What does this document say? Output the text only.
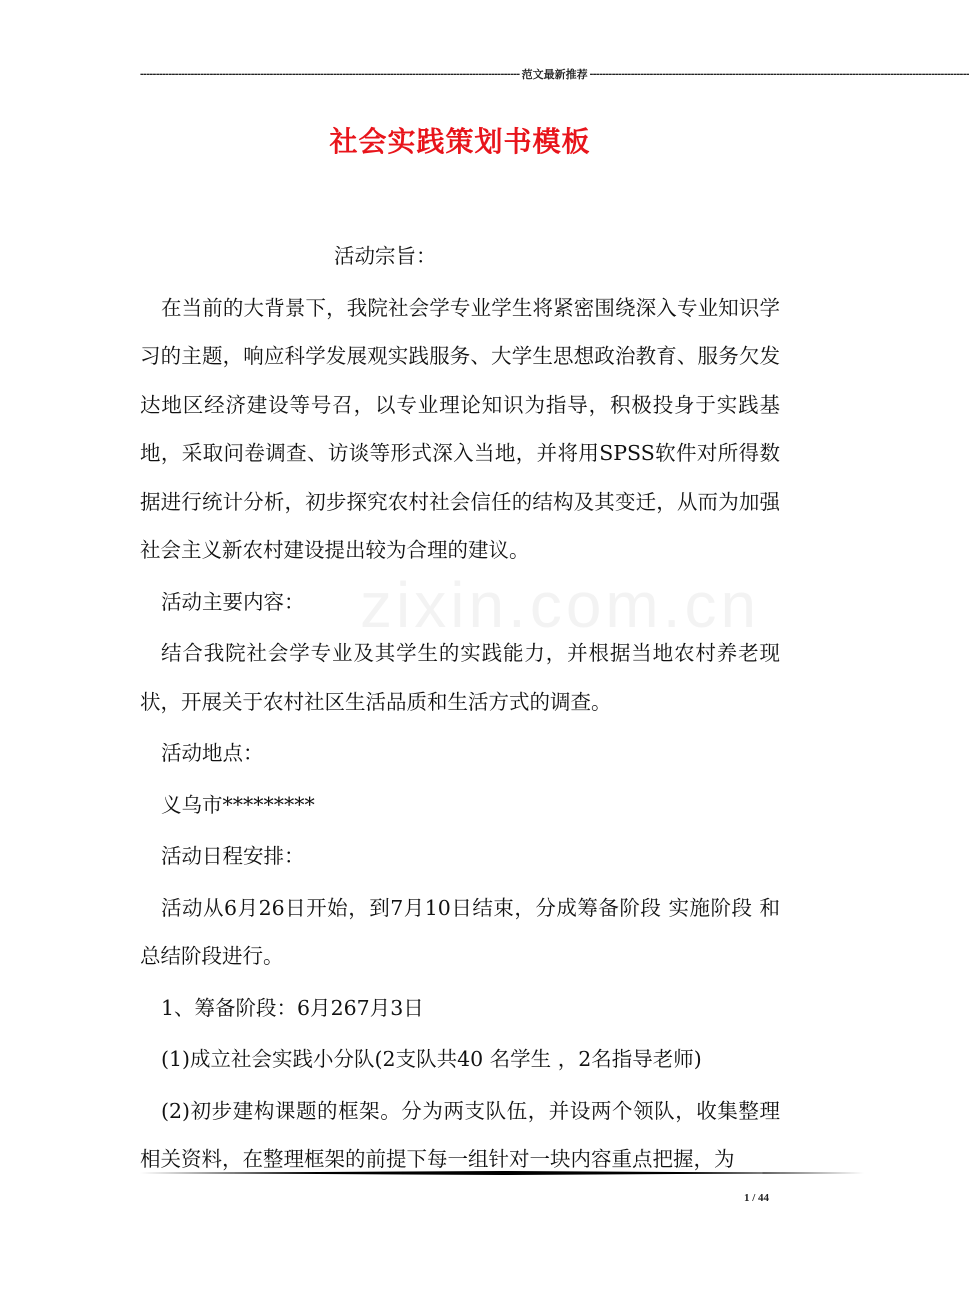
------------------------------------------------------------------------------------------------------------------------ 范文最新推荐 ------------------------------------------------------------------------------------------------------------------------
社会实践策划书模板
zixin.com.cn

活动宗旨：

在当前的大背景下，我院社会学专业学生将紧密围绕深入专业知识学习的主题，响应科学发展观实践服务、大学生思想政治教育、服务欠发达地区经济建设等号召，以专业理论知识为指导，积极投身于实践基地，采取问卷调查、访谈等形式深入当地，并将用SPSS软件对所得数据进行统计分析，初步探究农村社会信任的结构及其变迁，从而为加强社会主义新农村建设提出较为合理的建议。

活动主要内容：

结合我院社会学专业及其学生的实践能力，并根据当地农村养老现状，开展关于农村社区生活品质和生活方式的调查。

活动地点：

义乌市*********

活动日程安排：

活动从6月26日开始，到7月10日结束，分成筹备阶段 实施阶段 和总结阶段进行。

1、筹备阶段：6月267月3日

(1)成立社会实践小分队(2支队共40 名学生 ，2名指导老师)

(2)初步建构课题的框架。分为两支队伍，并设两个领队，收集整理相关资料，在整理框架的前提下每一组针对一块内容重点把握，为

1 / 44
